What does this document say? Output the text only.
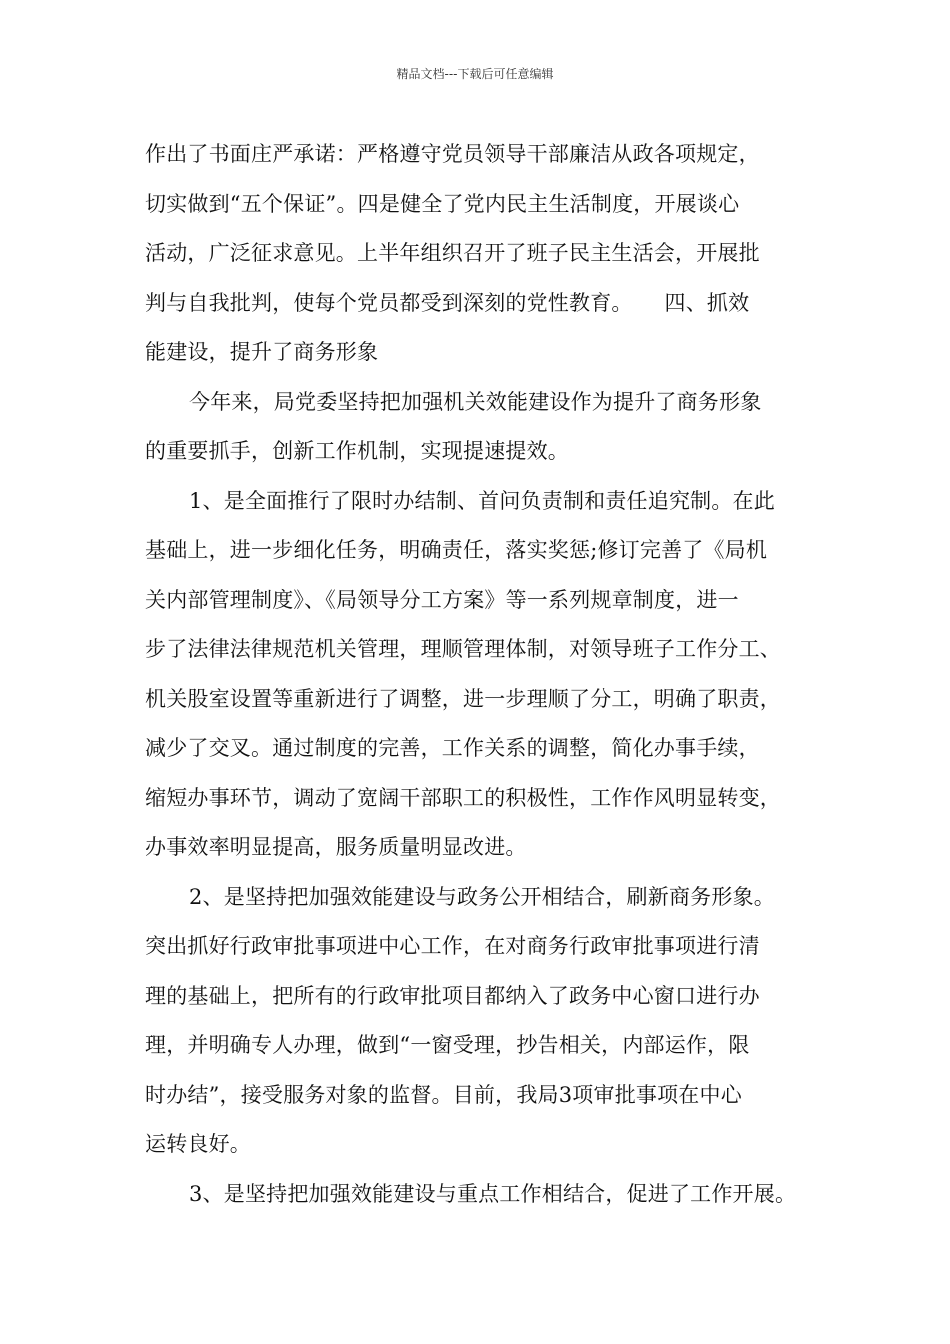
精品文档---下载后可任意编辑
作出了书面庄严承诺：严格遵守党员领导干部廉洁从政各项规定，
切实做到“五个保证”。四是健全了党内民主生活制度，开展谈心
活动，广泛征求意见。上半年组织召开了班子民主生活会，开展批
判与自我批判，使每个党员都受到深刻的党性教育。　　四、抓效
能建设，提升了商务形象
今年来，局党委坚持把加强机关效能建设作为提升了商务形象
的重要抓手，创新工作机制，实现提速提效。
1、是全面推行了限时办结制、首问负责制和责任追究制。在此
基础上，进一步细化任务，明确责任，落实奖惩;修订完善了《局机
关内部管理制度》、《局领导分工方案》等一系列规章制度，进一
步了法律法律规范机关管理，理顺管理体制，对领导班子工作分工、
机关股室设置等重新进行了调整，进一步理顺了分工，明确了职责，
减少了交叉。通过制度的完善，工作关系的调整，简化办事手续，
缩短办事环节，调动了宽阔干部职工的积极性，工作作风明显转变，
办事效率明显提高，服务质量明显改进。
2、是坚持把加强效能建设与政务公开相结合，刷新商务形象。
突出抓好行政审批事项进中心工作，在对商务行政审批事项进行清
理的基础上，把所有的行政审批项目都纳入了政务中心窗口进行办
理，并明确专人办理，做到“一窗受理，抄告相关，内部运作，限
时办结”，接受服务对象的监督。目前，我局3项审批事项在中心
运转良好。
3、是坚持把加强效能建设与重点工作相结合，促进了工作开展。
